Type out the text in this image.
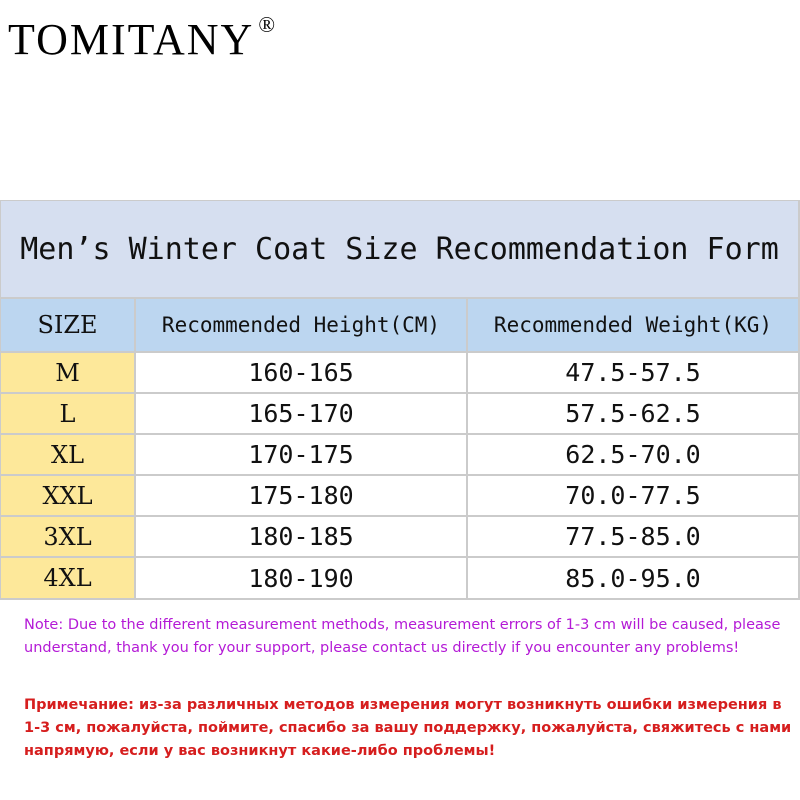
TOMITANY ®
Men’s Winter Coat Size Recommendation Form
SIZE	Recommended Height(CM)	Recommended Weight(KG)
M	160-165	47.5-57.5
L	165-170	57.5-62.5
XL	170-175	62.5-70.0
XXL	175-180	70.0-77.5
3XL	180-185	77.5-85.0
4XL	180-190	85.0-95.0
Note: Due to the different measurement methods, measurement errors of 1-3 cm will be caused, please understand, thank you for your support, please contact us directly if you encounter any problems!
Примечание: из-за различных методов измерения могут возникнуть ошибки измерения в 1-3 см, пожалуйста, поймите, спасибо за вашу поддержку, пожалуйста, свяжитесь с нами напрямую, если у вас возникнут какие-либо проблемы!
